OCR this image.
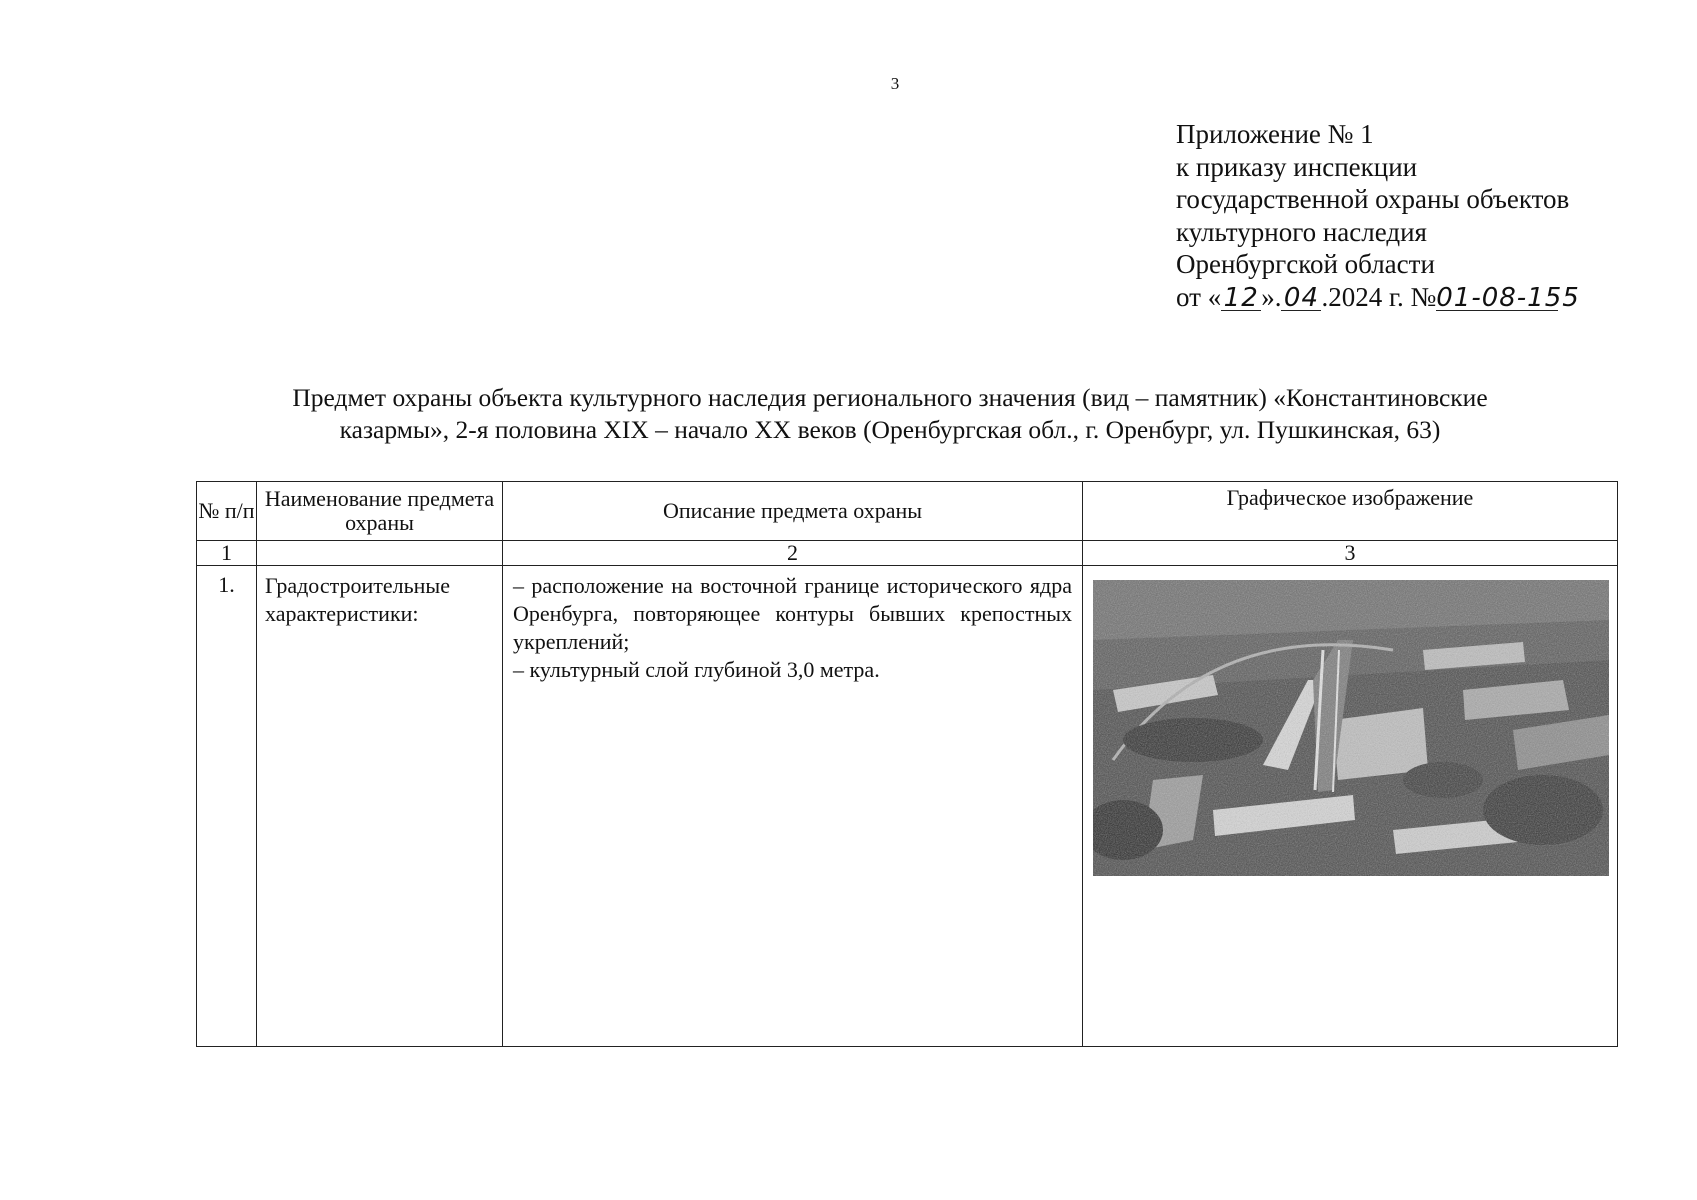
3
Приложение № 1
к приказу инспекции
государственной охраны объектов
культурного наследия
Оренбургской области
от «12».04.2024 г. №01-08-155
Предмет охраны объекта культурного наследия регионального значения (вид – памятник) «Константиновские
казармы», 2-я половина XIX – начало XX веков (Оренбургская обл., г. Оренбург, ул. Пушкинская, 63)
№ п/п	Наименование предмета охраны	Описание предмета охраны	Графическое изображение
1		2	3
1.	Градостроительные характеристики:	– расположение на восточной границе исторического ядра Оренбурга, повторяющее контуры бывших крепостных укреплений;

– культурный слой глубиной 3,0 метра.
